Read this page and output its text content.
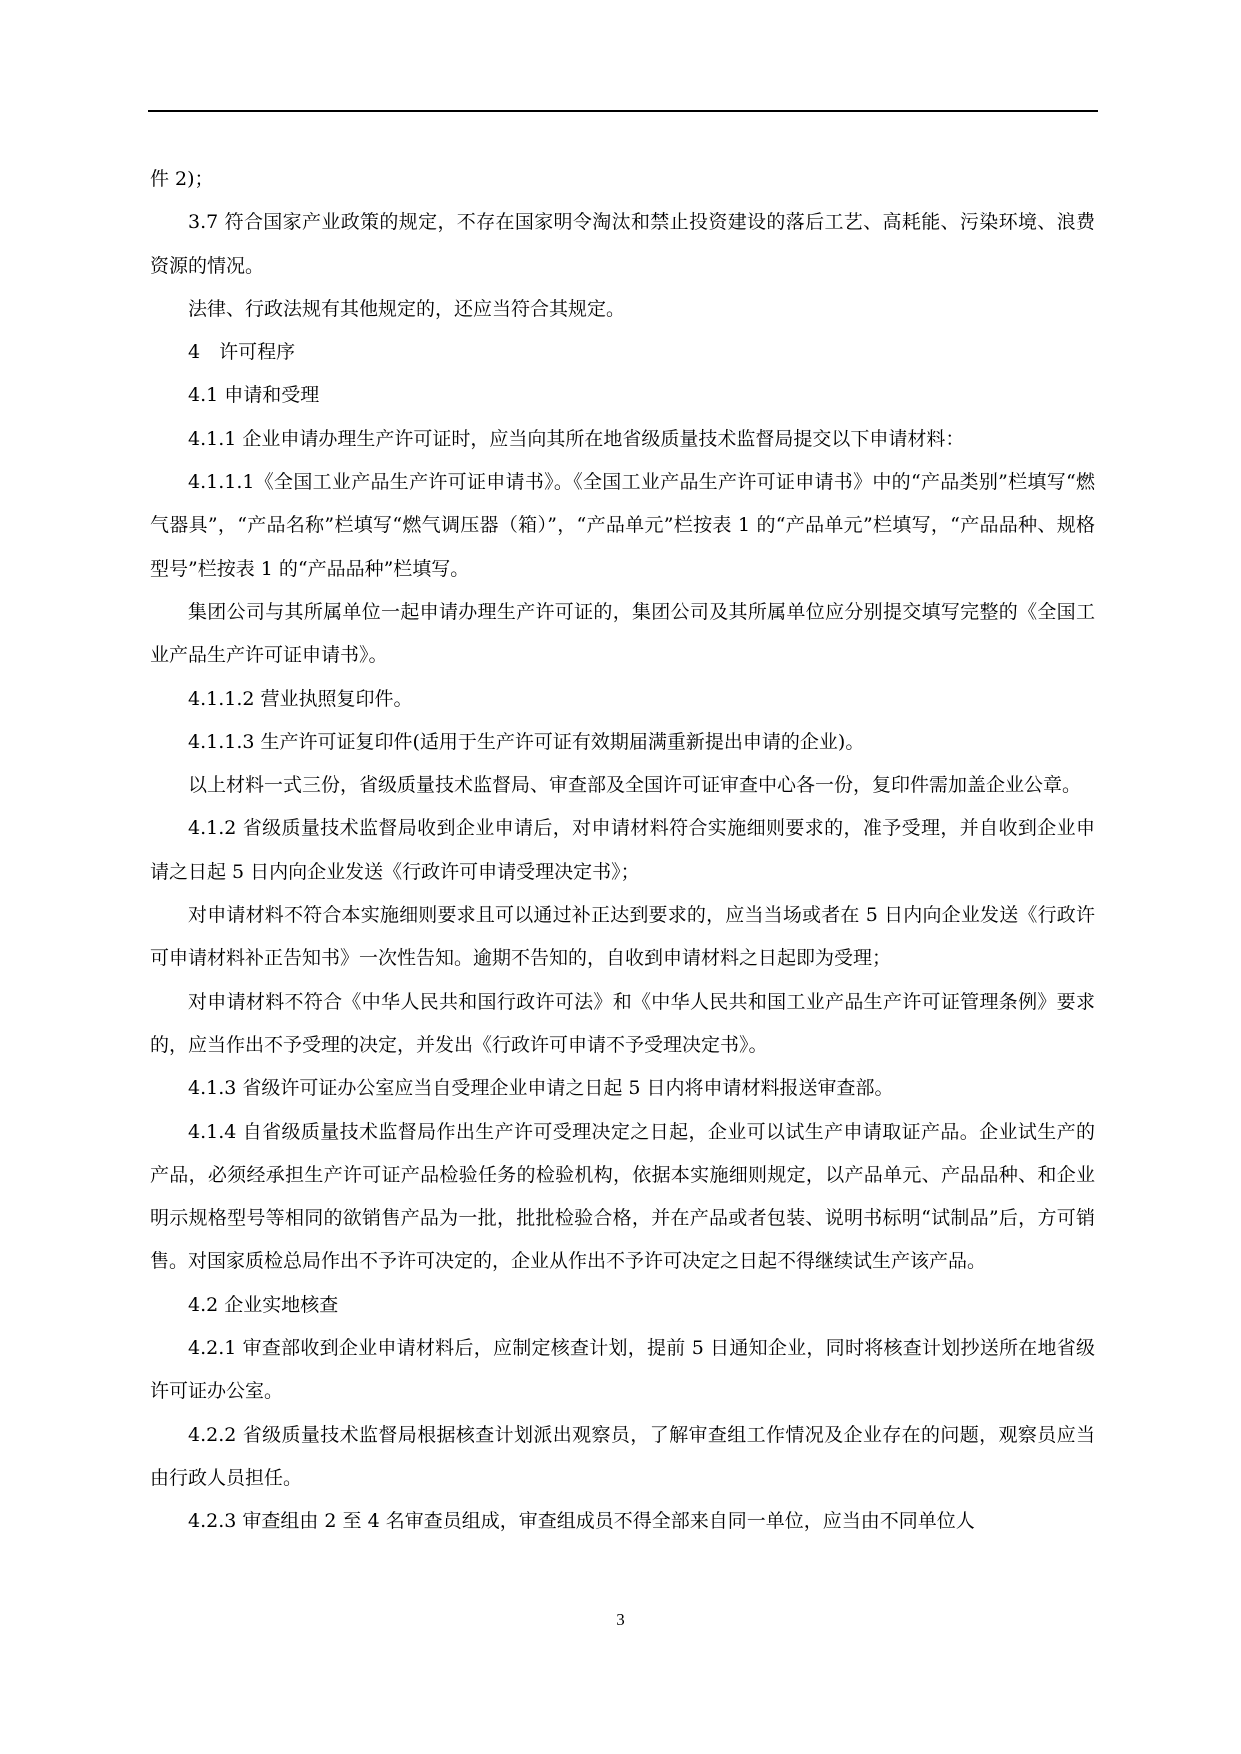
件 2)；

3.7 符合国家产业政策的规定，不存在国家明令淘汰和禁止投资建设的落后工艺、高耗能、污染环境、浪费资源的情况。

法律、行政法规有其他规定的，还应当符合其规定。

4　许可程序

4.1 申请和受理

4.1.1 企业申请办理生产许可证时，应当向其所在地省级质量技术监督局提交以下申请材料：

4.1.1.1《全国工业产品生产许可证申请书》。《全国工业产品生产许可证申请书》中的“产品类别”栏填写“燃气器具”，“产品名称”栏填写“燃气调压器（箱）”，“产品单元”栏按表 1 的“产品单元”栏填写，“产品品种、规格型号”栏按表 1 的“产品品种”栏填写。

集团公司与其所属单位一起申请办理生产许可证的，集团公司及其所属单位应分别提交填写完整的《全国工业产品生产许可证申请书》。

4.1.1.2 营业执照复印件。

4.1.1.3 生产许可证复印件(适用于生产许可证有效期届满重新提出申请的企业)。

以上材料一式三份，省级质量技术监督局、审查部及全国许可证审查中心各一份，复印件需加盖企业公章。

4.1.2 省级质量技术监督局收到企业申请后，对申请材料符合实施细则要求的，准予受理，并自收到企业申请之日起 5 日内向企业发送《行政许可申请受理决定书》；

对申请材料不符合本实施细则要求且可以通过补正达到要求的，应当当场或者在 5 日内向企业发送《行政许可申请材料补正告知书》一次性告知。逾期不告知的，自收到申请材料之日起即为受理；

对申请材料不符合《中华人民共和国行政许可法》和《中华人民共和国工业产品生产许可证管理条例》要求的，应当作出不予受理的决定，并发出《行政许可申请不予受理决定书》。

4.1.3 省级许可证办公室应当自受理企业申请之日起 5 日内将申请材料报送审查部。

4.1.4 自省级质量技术监督局作出生产许可受理决定之日起，企业可以试生产申请取证产品。企业试生产的产品，必须经承担生产许可证产品检验任务的检验机构，依据本实施细则规定，以产品单元、产品品种、和企业明示规格型号等相同的欲销售产品为一批，批批检验合格，并在产品或者包装、说明书标明“试制品”后，方可销售。对国家质检总局作出不予许可决定的，企业从作出不予许可决定之日起不得继续试生产该产品。

4.2 企业实地核查

4.2.1 审查部收到企业申请材料后，应制定核查计划，提前 5 日通知企业，同时将核查计划抄送所在地省级许可证办公室。

4.2.2 省级质量技术监督局根据核查计划派出观察员，了解审查组工作情况及企业存在的问题，观察员应当由行政人员担任。

4.2.3 审查组由 2 至 4 名审查员组成，审查组成员不得全部来自同一单位，应当由不同单位人

3
